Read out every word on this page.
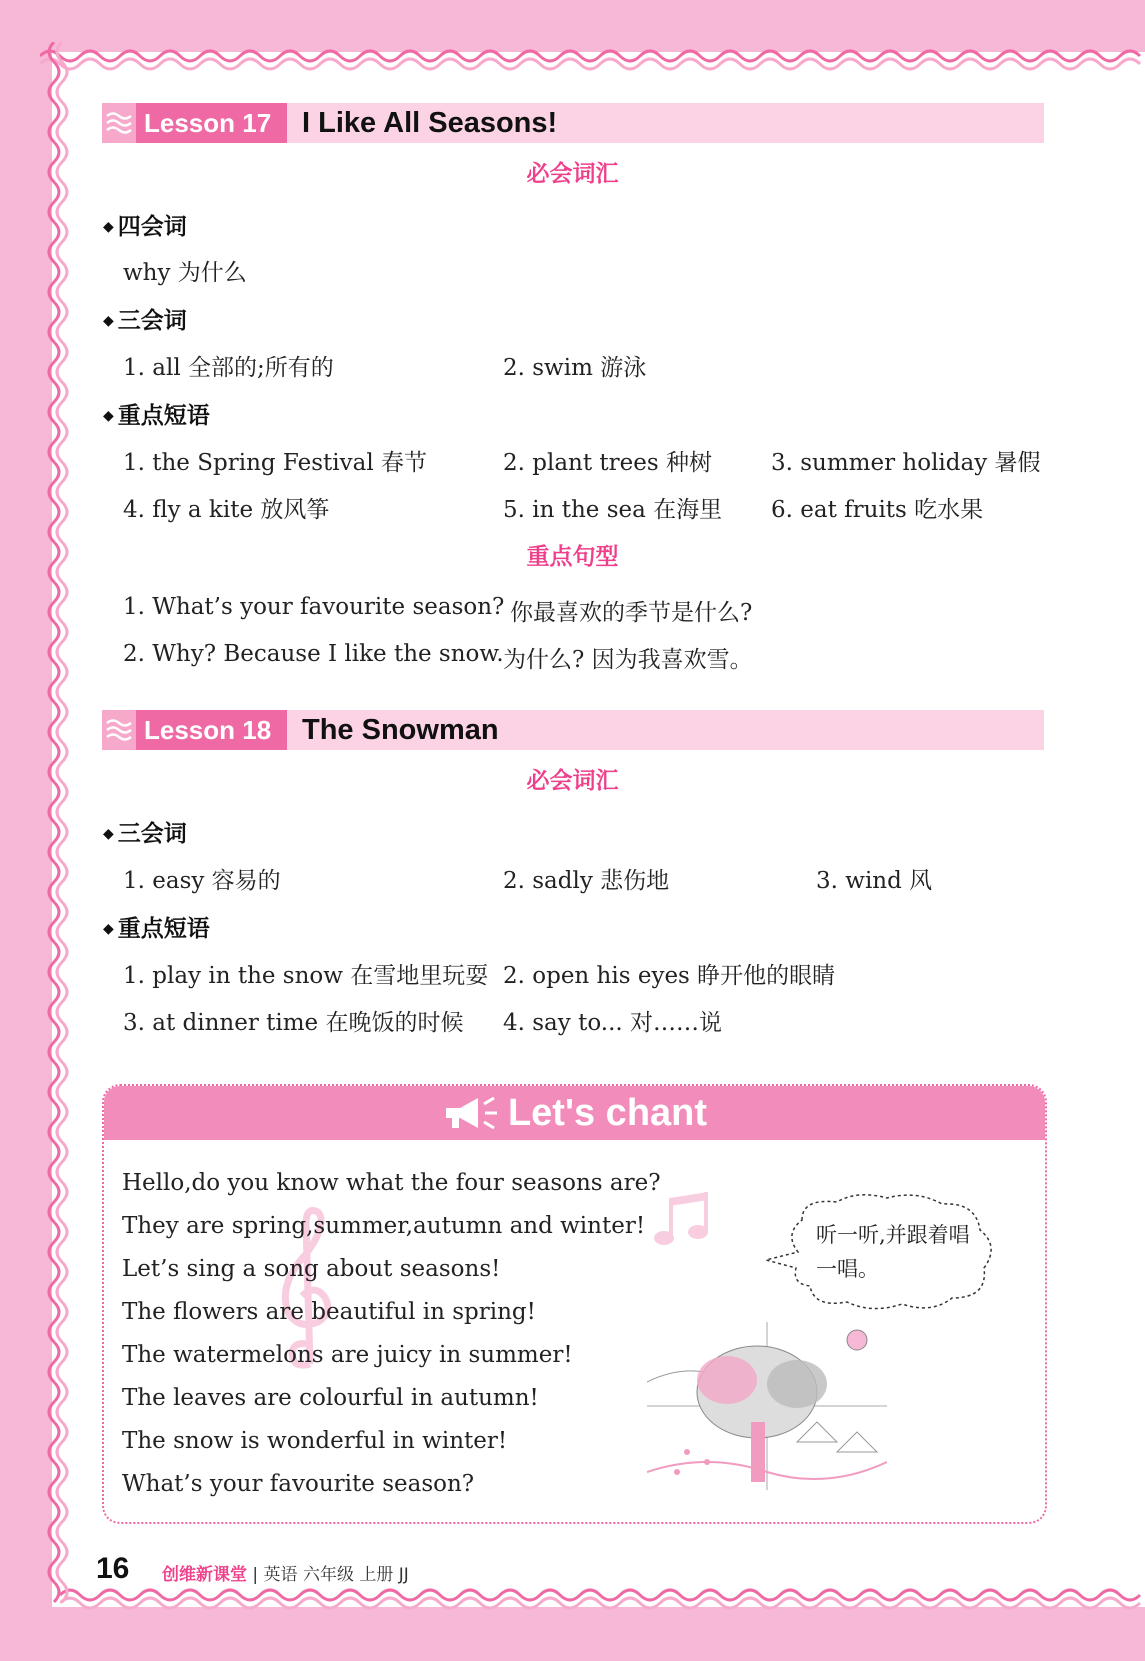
Lesson 17 I Like All Seasons!
必会词汇
◆ 四会词
why 为什么
◆ 三会词
1. all 全部的;所有的	2. swim 游泳
◆ 重点短语
1. the Spring Festival 春节	2. plant trees 种树	3. summer holiday 暑假
4. fly a kite 放风筝	5. in the sea 在海里 6. eat fruits 吃水果
重点句型
1. What’s your favourite season? 你最喜欢的季节是什么?
2. Why? Because I like the snow. 为什么? 因为我喜欢雪。
Lesson 18 The Snowman
必会词汇
◆ 三会词
1. easy 容易的	2. sadly 悲伤地	3. wind 风
◆ 重点短语
1. play in the snow 在雪地里玩耍 2. open his eyes 睁开他的眼睛
3. at dinner time 在晚饭的时候 4. say to... 对……说
Let's chant
Hello,do you know what the four seasons are?
They are spring,summer,autumn and winter!
Let’s sing a song about seasons!
The flowers are beautiful in spring!
The watermelons are juicy in summer!
The leaves are colourful in autumn!
The snow is wonderful in winter!
What’s your favourite season?
听一听,并跟着唱一唱。
16 创维新课堂 | 英语 六年级 上册 JJ
